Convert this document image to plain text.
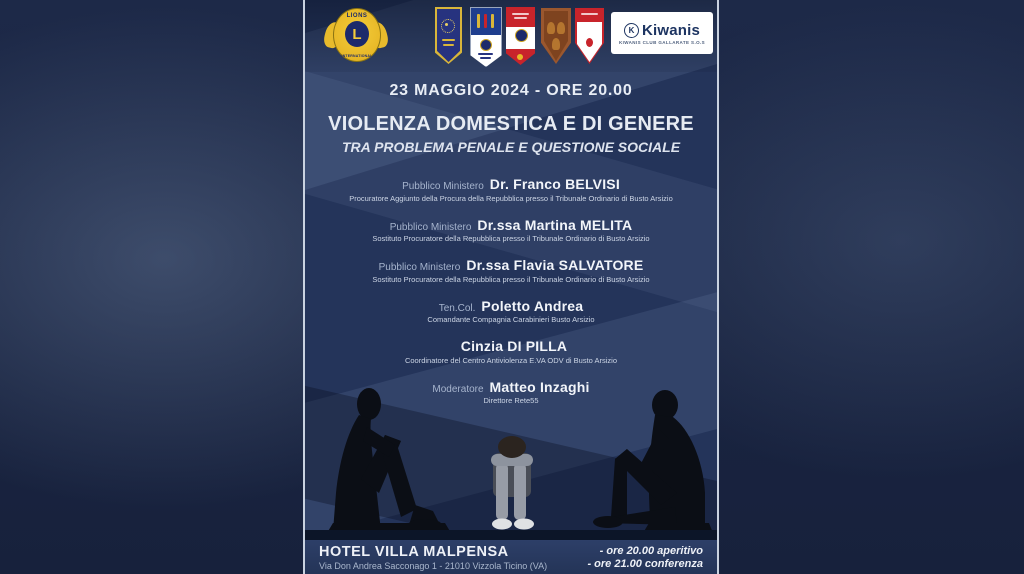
LIONS
L
INTERNATIONAL
K Kiwanis
KIWANIS CLUB GALLARATE S.O.S
23 MAGGIO 2024 - ORE 20.00
VIOLENZA DOMESTICA E DI GENERE
TRA PROBLEMA PENALE E QUESTIONE SOCIALE
Pubblico Ministero Dr. Franco BELVISI
Procuratore Aggiunto della Procura della Repubblica presso il Tribunale Ordinario di Busto Arsizio
Pubblico Ministero Dr.ssa Martina MELITA
Sostituto Procuratore della Repubblica presso il Tribunale Ordinario di Busto Arsizio
Pubblico Ministero Dr.ssa Flavia SALVATORE
Sostituto Procuratore della Repubblica presso il Tribunale Ordinario di Busto Arsizio
Ten.Col. Poletto Andrea
Comandante Compagnia Carabinieri Busto Arsizio
Cinzia DI PILLA
Coordinatore del Centro Antiviolenza E.VA ODV di Busto Arsizio
Moderatore Matteo Inzaghi
Direttore Rete55
HOTEL VILLA MALPENSA
Via Don Andrea Sacconago 1 - 21010 Vizzola Ticino (VA)
- ore 20.00 aperitivo
- ore 21.00 conferenza
